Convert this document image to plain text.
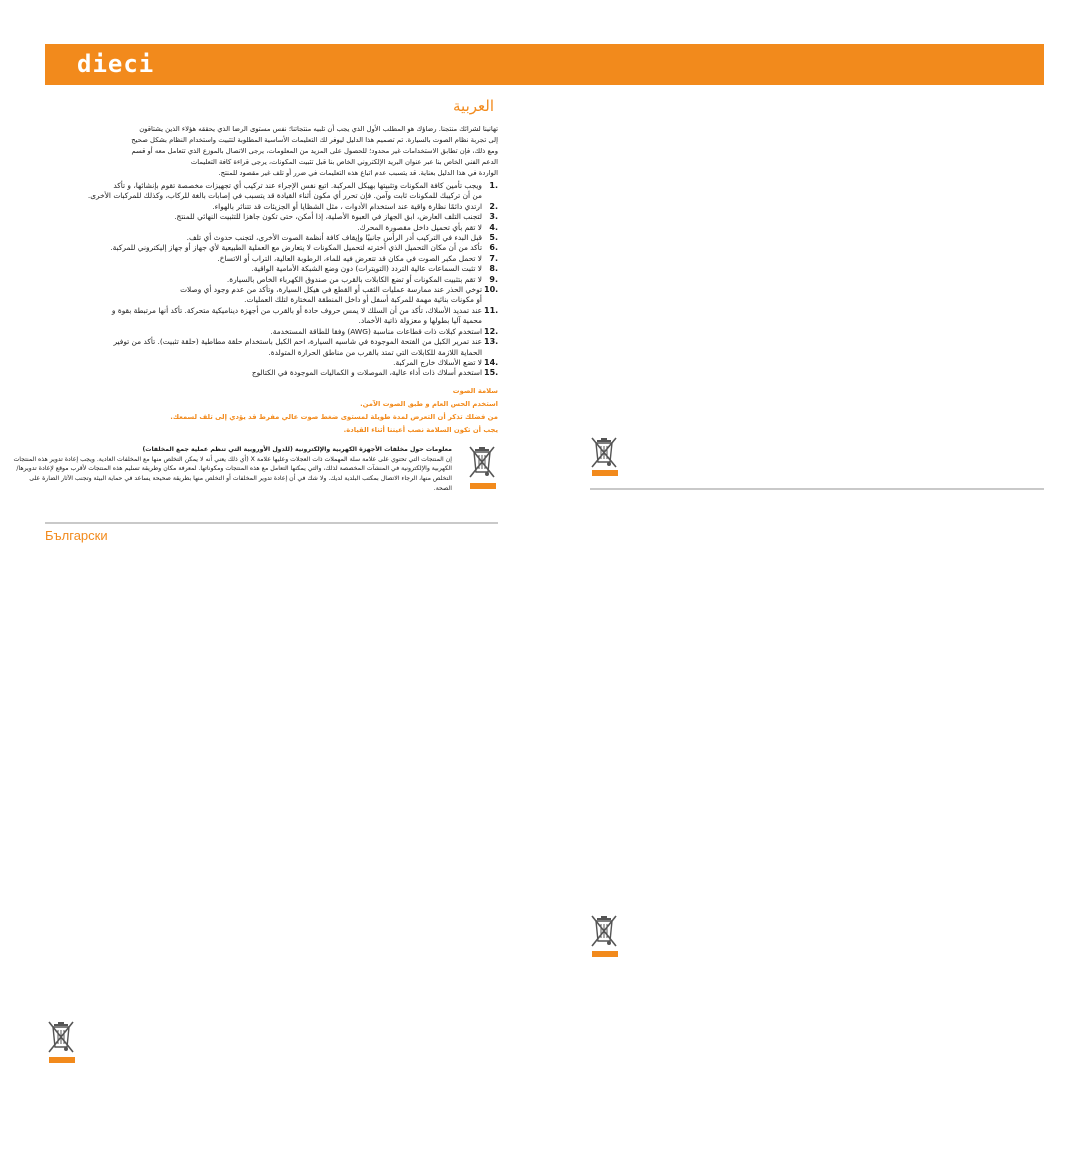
dieci
العربية

تهانينا لشرائك منتجنا. رضاؤك هو المطلب الأول الذي يجب أن تلبيه منتجاتنا؛ نفس مستوى الرضا الذي يحققه هؤلاء الذين يشتاقون

إلى تجربة نظام الصوت بالسيارة. تم تصميم هذا الدليل ليوفر لك التعليمات الأساسية المطلوبة لتثبيت واستخدام النظام بشكل صحيح

ومع ذلك، فإن تطابق الاستخدامات غير محدود؛ للحصول على المزيد من المعلومات، يرجى الاتصال بالموزع الذي تتعامل معه أو قسم

الدعم الفني الخاص بنا عبر عنوان البريد الإلكتروني الخاص بنا قبل تثبيت المكونات، يرجى قراءة كافة التعليمات

الواردة في هذا الدليل بعناية. قد يتسبب عدم اتباع هذه التعليمات في ضرر أو تلف غير مقصود للمنتج.

1.
ويجب تأمين كافة المكونات وتثبيتها بهيكل المركبة. اتبع نفس الإجراء عند تركيب أي تجهيزات مخصصة تقوم بإنشائها، و تأكد
من أن تركيبك للمكونات ثابت وآمن. فإن تحرر أي مكون أثناء القيادة قد يتسبب في إصابات بالغة للركاب، وكذلك للمركبات الأخرى.
2.
ارتدي دائمًا نظارة واقية عند استخدام الأدوات ، مثل الشظايا أو الجزيئات قد تتناثر بالهواء.
3.
لتجنب التلف العارض، ابق الجهاز في العبوة الأصلية، إذا أمكن، حتى تكون جاهزا للتثبيت النهائي للمنتج.
4.
لا تقم بأي تحميل داخل مقصورة المحرك.
5.
قبل البدء في التركيب أدر الرأس جانبيًا وإيقاف كافة أنظمة الصوت الأخرى، لتجنب حدوث أي تلف.
6.
تأكد من أن مكان التحميل الذي أخترته لتحميل المكونات لا يتعارض مع العملية الطبيعية لأي جهاز أو جهاز إليكتروني للمركبة.
7.
لا تحمل مكبر الصوت في مكان قد تتعرض فيه للماء، الرطوبة العالية، التراب أو الاتساخ.
8.
لا تثبت السماعات عالية التردد (التويترات) دون وضع الشبكة الأمامية الواقية.
9.
لا تقم بتثبيت المكونات أو تضع الكابلات بالقرب من صندوق الكهرباء الخاص بالسيارة.
10.
توخي الحذر عند ممارسة عمليات الثقب أو القطع في هيكل السيارة، وتأكد من عدم وجود أي وصلات
أو مكونات بنائية مهمة للمركبة أسفل أو داخل المنطقة المختارة لتلك العمليات.
11.
عند تمديد الأسلاك، تأكد من أن السلك لا يمس حروف حادة أو بالقرب من أجهزة ديناميكية متحركة. تأكد أنها مرتبطة بقوة و
محمية آليا بطولها و معزولة ذاتية الأخماد.
12.
استخدم كبلات ذات قطاعات مناسبة (AWG) وفقا للطاقة المستخدمة.
13.
عند تمرير الكبل من الفتحة الموجودة في شاسيه السيارة، احم الكبل باستخدام حلقة مطاطية (حلقة تثبيت). تأكد من توفير
الحماية اللازمة للكابلات التي تمتد بالقرب من مناطق الحرارة المتولدة.
14.
لا تضع الأسلاك خارج المركبة.
15.
استخدم أسلاك ذات أداء عالية، الموصلات و الكماليات الموجودة في الكتالوج
سلامة الصوت
استخدم الحس العام و طبق الصوت الآمن.
من فضلك تذكر أن التعرض لمدة طويلة لمستوى ضغط صوت عالي مفرط قد يؤدي إلى تلف لسمعك.
يجب أن تكون السلامة نصب أعيننا أثناء القيادة.
معلومات حول مخلفات الأجهزة الكهربية والإلكترونية (للدول الأوروبية التي تنظم عملية جمع المخلفات)
إن المنتجات التي تحتوي على علامة سلة المهملات ذات العجلات وعليها علامة X (أي ذلك يعني أنه لا يمكن التخلص منها مع المخلفات العادية. ويجب إعادة تدوير هذه المنتجات
الكهربية والإلكترونية في المنشآت المخصصة لذلك، والتي يمكنها التعامل مع هذه المنتجات ومكوناتها. لمعرفة مكان وطريقة تسليم هذه المنتجات لأقرب موقع لإعادة تدويرها/
التخلص منها، الرجاء الاتصال بمكتب البلدية لديك. ولا شك في أن إعادة تدوير المخلفات أو التخلص منها بطريقة صحيحة يساعد في حماية البيئة وتجنب الآثار الضارة على
الصحة.
Български
